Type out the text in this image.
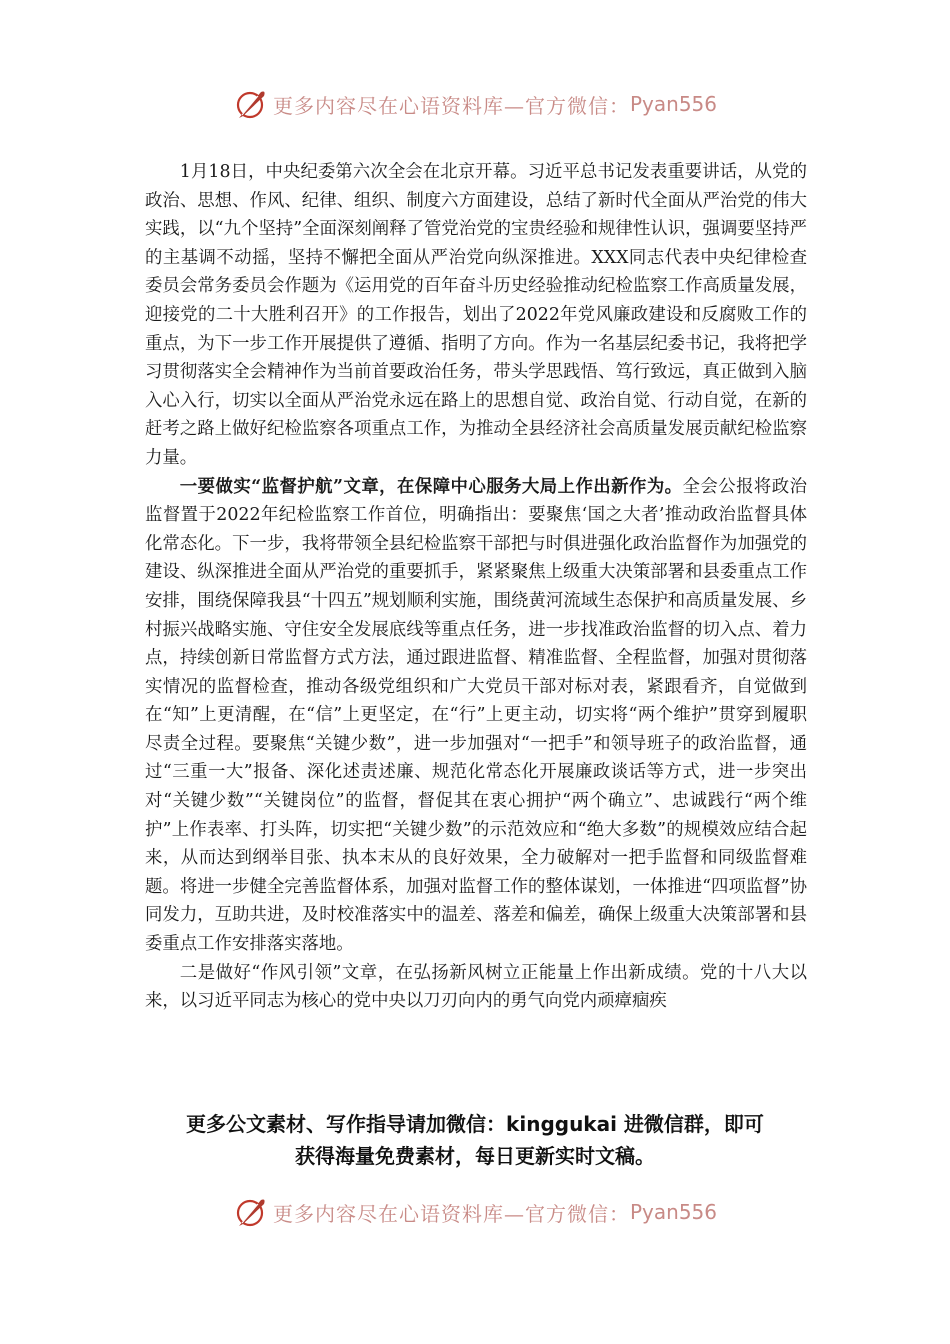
更多内容尽在心语资料库—官方微信： Pyan556

1月18日，中央纪委第六次全会在北京开幕。习近平总书记发表重要讲话，从党的政治、思想、作风、纪律、组织、制度六方面建设，总结了新时代全面从严治党的伟大实践，以“九个坚持”全面深刻阐释了管党治党的宝贵经验和规律性认识，强调要坚持严的主基调不动摇，坚持不懈把全面从严治党向纵深推进。XXX同志代表中央纪律检查委员会常务委员会作题为《运用党的百年奋斗历史经验推动纪检监察工作高质量发展，迎接党的二十大胜利召开》的工作报告，划出了2022年党风廉政建设和反腐败工作的重点，为下一步工作开展提供了遵循、指明了方向。作为一名基层纪委书记，我将把学习贯彻落实全会精神作为当前首要政治任务，带头学思践悟、笃行致远，真正做到入脑入心入行，切实以全面从严治党永远在路上的思想自觉、政治自觉、行动自觉，在新的赶考之路上做好纪检监察各项重点工作，为推动全县经济社会高质量发展贡献纪检监察力量。

一要做实“监督护航”文章，在保障中心服务大局上作出新作为。全会公报将政治监督置于2022年纪检监察工作首位，明确指出：要聚焦‘国之大者’推动政治监督具体化常态化。下一步，我将带领全县纪检监察干部把与时俱进强化政治监督作为加强党的建设、纵深推进全面从严治党的重要抓手，紧紧聚焦上级重大决策部署和县委重点工作安排，围绕保障我县“十四五”规划顺利实施，围绕黄河流域生态保护和高质量发展、乡村振兴战略实施、守住安全发展底线等重点任务，进一步找准政治监督的切入点、着力点，持续创新日常监督方式方法，通过跟进监督、精准监督、全程监督，加强对贯彻落实情况的监督检查，推动各级党组织和广大党员干部对标对表，紧跟看齐，自觉做到在“知”上更清醒，在“信”上更坚定，在“行”上更主动，切实将“两个维护”贯穿到履职尽责全过程。要聚焦“关键少数”，进一步加强对“一把手”和领导班子的政治监督，通过“三重一大”报备、深化述责述廉、规范化常态化开展廉政谈话等方式，进一步突出对“关键少数”“关键岗位”的监督，督促其在衷心拥护“两个确立”、忠诚践行“两个维护”上作表率、打头阵，切实把“关键少数”的示范效应和“绝大多数”的规模效应结合起来，从而达到纲举目张、执本末从的良好效果，全力破解对一把手监督和同级监督难题。将进一步健全完善监督体系，加强对监督工作的整体谋划，一体推进“四项监督”协同发力，互助共进，及时校准落实中的温差、落差和偏差，确保上级重大决策部署和县委重点工作安排落实落地。

二是做好“作风引领”文章，在弘扬新风树立正能量上作出新成绩。党的十八大以来，以习近平同志为核心的党中央以刀刃向内的勇气向党内顽瘴痼疾

更多公文素材、写作指导请加微信：kinggukai 进微信群，即可
获得海量免费素材，每日更新实时文稿。
更多内容尽在心语资料库—官方微信： Pyan556
